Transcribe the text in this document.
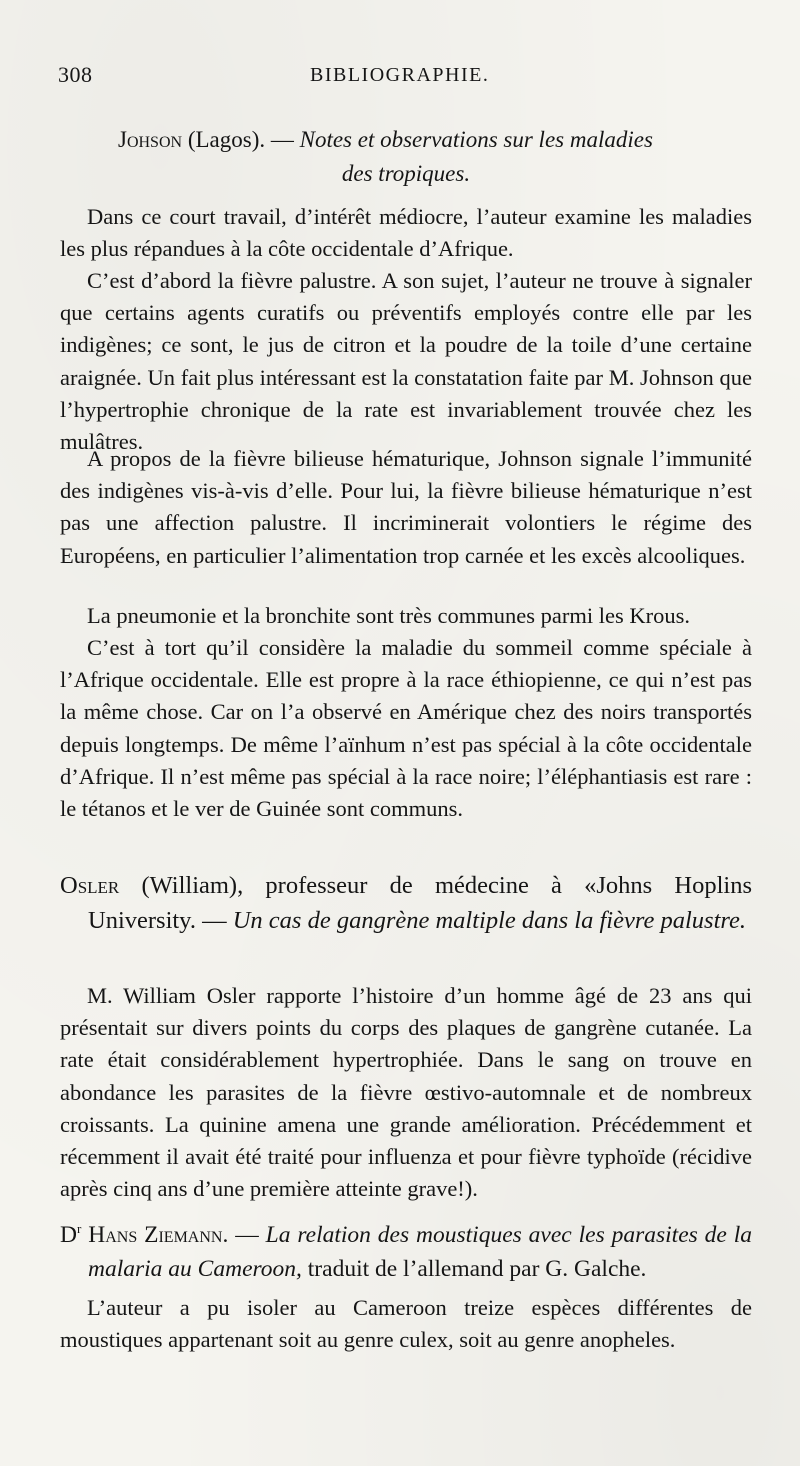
308	BIBLIOGRAPHIE.
Johson (Lagos). — Notes et observations sur les maladies
des tropiques.

Dans ce court travail, d’intérêt médiocre, l’auteur examine les maladies les plus répandues à la côte occidentale d’Afrique.

C’est d’abord la fièvre palustre. A son sujet, l’auteur ne trouve à signaler que certains agents curatifs ou préventifs employés contre elle par les indigènes; ce sont, le jus de citron et la poudre de la toile d’une certaine araignée. Un fait plus intéressant est la constatation faite par M. Johnson que l’hypertrophie chronique de la rate est invariablement trouvée chez les mulâtres.

A propos de la fièvre bilieuse hématurique, Johnson signale l’immunité des indigènes vis-à-vis d’elle. Pour lui, la fièvre bilieuse hématurique n’est pas une affection palustre. Il incriminerait volontiers le régime des Européens, en particulier l’alimentation trop carnée et les excès alcooliques.

La pneumonie et la bronchite sont très communes parmi les Krous.

C’est à tort qu’il considère la maladie du sommeil comme spéciale à l’Afrique occidentale. Elle est propre à la race éthiopienne, ce qui n’est pas la même chose. Car on l’a observé en Amérique chez des noirs transportés depuis longtemps. De même l’aïnhum n’est pas spécial à la côte occidentale d’Afrique. Il n’est même pas spécial à la race noire; l’éléphantiasis est rare : le tétanos et le ver de Guinée sont communs.

Osler (William), professeur de médecine à «Johns Hoplins University. — Un cas de gangrène maltiple dans la fièvre palustre.

M. William Osler rapporte l’histoire d’un homme âgé de 23 ans qui présentait sur divers points du corps des plaques de gangrène cutanée. La rate était considérablement hypertrophiée. Dans le sang on trouve en abondance les parasites de la fièvre œstivo-automnale et de nombreux croissants. La quinine amena une grande amélioration. Précédemment et récemment il avait été traité pour influenza et pour fièvre typhoïde (récidive après cinq ans d’une première atteinte grave!).

$D^r$ Hans Ziemann. — La relation des moustiques avec les parasites de la malaria au Cameroon, traduit de l’allemand par G. Galche.

L’auteur a pu isoler au Cameroon treize espèces différentes de moustiques appartenant soit au genre culex, soit au genre anopheles.
